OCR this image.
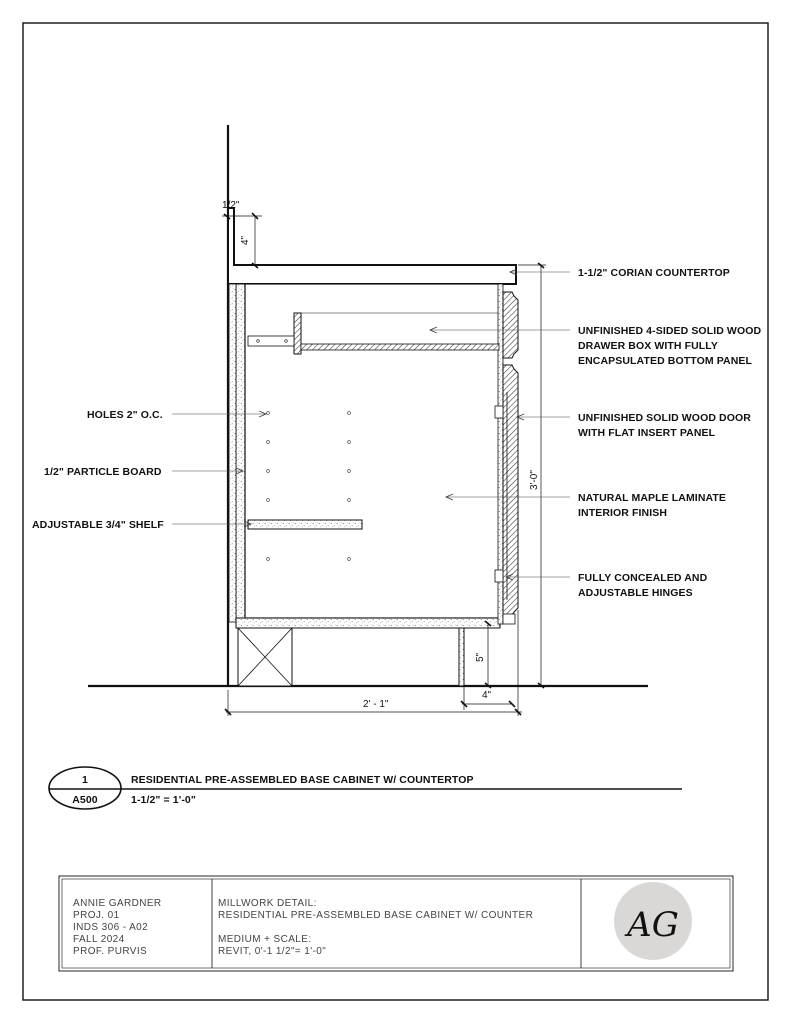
1/2"
4"
3'-0"
5"
4"
2' - 1"
1-1/2" CORIAN COUNTERTOP
UNFINISHED 4-SIDED SOLID WOOD
DRAWER BOX WITH FULLY
ENCAPSULATED BOTTOM PANEL
UNFINISHED SOLID WOOD DOOR
WITH FLAT INSERT PANEL
NATURAL MAPLE LAMINATE
INTERIOR FINISH
FULLY CONCEALED AND
ADJUSTABLE HINGES
HOLES 2" O.C.
1/2" PARTICLE BOARD
ADJUSTABLE 3/4" SHELF
1
A500
RESIDENTIAL PRE-ASSEMBLED BASE CABINET W/ COUNTERTOP
1-1/2" = 1'-0"
ANNIE GARDNER
PROJ. 01
INDS 306 - A02
FALL 2024
PROF. PURVIS
MILLWORK DETAIL:
RESIDENTIAL PRE-ASSEMBLED BASE CABINET W/ COUNTER
MEDIUM + SCALE:
REVIT, 0'-1 1/2"= 1'-0"
AG
